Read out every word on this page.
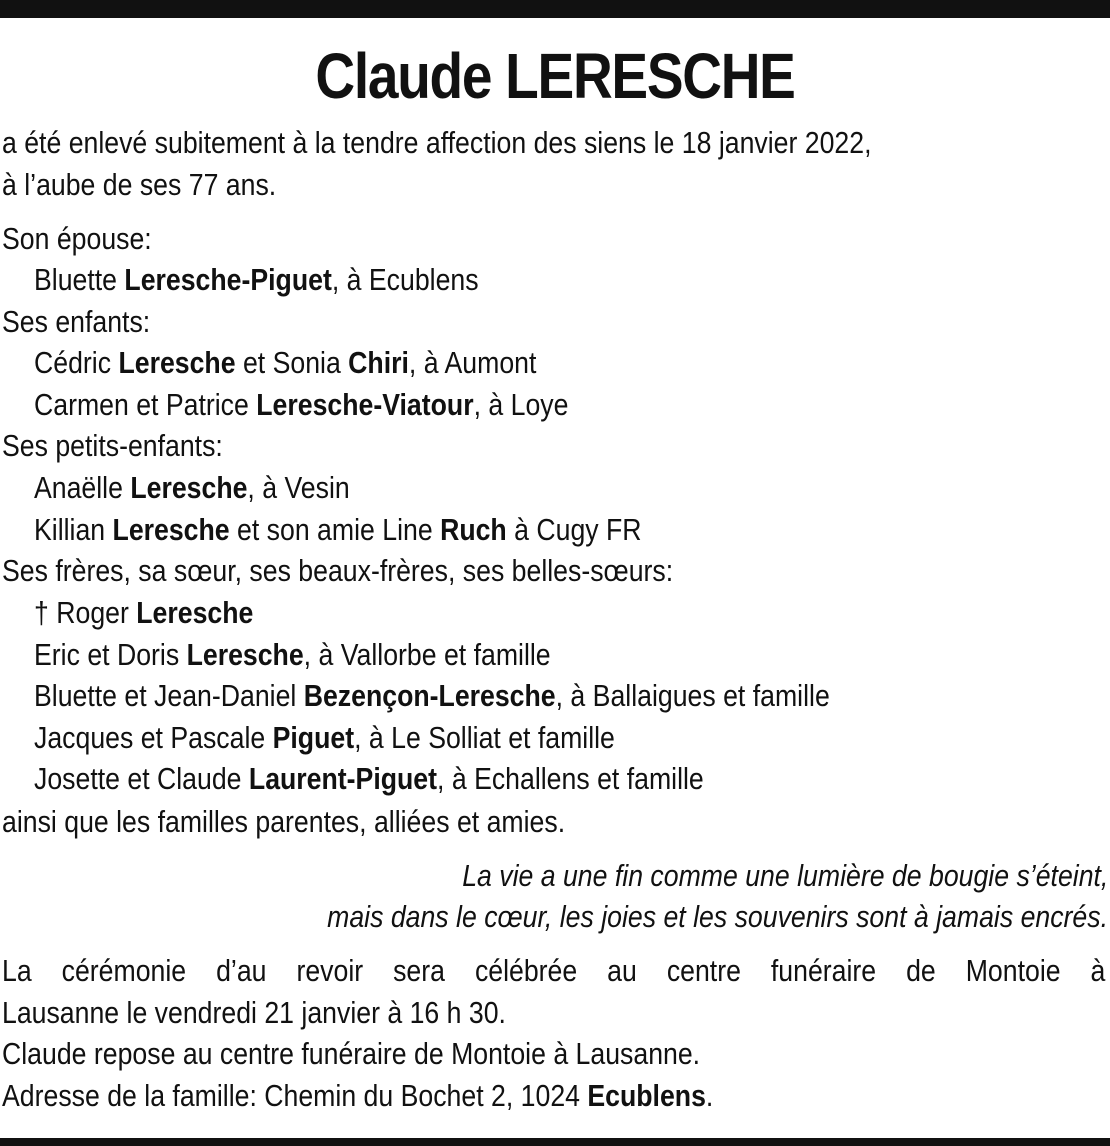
Claude LERESCHE
a été enlevé subitement à la tendre affection des siens le 18 janvier 2022,
à l’aube de ses 77 ans.
Son épouse:
Bluette Leresche-Piguet, à Ecublens
Ses enfants:
Cédric Leresche et Sonia Chiri, à Aumont
Carmen et Patrice Leresche-Viatour, à Loye
Ses petits-enfants:
Anaëlle Leresche, à Vesin
Killian Leresche et son amie Line Ruch à Cugy FR
Ses frères, sa sœur, ses beaux-frères, ses belles-sœurs:
† Roger Leresche
Eric et Doris Leresche, à Vallorbe et famille
Bluette et Jean-Daniel Bezençon-Leresche, à Ballaigues et famille
Jacques et Pascale Piguet, à Le Solliat et famille
Josette et Claude Laurent-Piguet, à Echallens et famille
ainsi que les familles parentes, alliées et amies.
La vie a une fin comme une lumière de bougie s’éteint,
mais dans le cœur, les joies et les souvenirs sont à jamais encrés.
La cérémonie d’au revoir sera célébrée au centre funéraire de Montoie à
Lausanne le vendredi 21 janvier à 16 h 30.
Claude repose au centre funéraire de Montoie à Lausanne.
Adresse de la famille: Chemin du Bochet 2, 1024 Ecublens.
